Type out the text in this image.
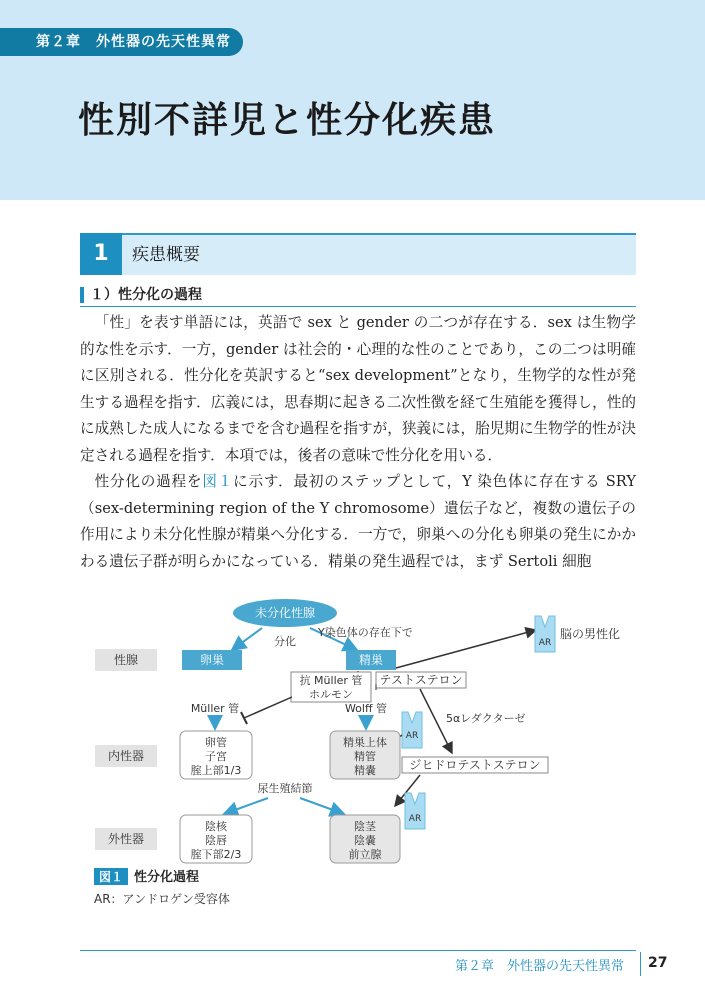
第２章　外性器の先天性異常
性別不詳児と性分化疾患
1	疾患概要
１）性分化の過程

「性」を表す単語には，英語で sex と gender の二つが存在する．sex は生物学的な性を示す．一方，gender は社会的・心理的な性のことであり，この二つは明確に区別される．性分化を英訳すると“sex development”となり，生物学的な性が発生する過程を指す．広義には，思春期に起きる二次性徴を経て生殖能を獲得し，性的に成熟した成人になるまでを含む過程を指すが，狭義には，胎児期に生物学的性が決定される過程を指す．本項では，後者の意味で性分化を用いる．

性分化の過程を図１に示す．最初のステップとして，Y 染色体に存在する SRY（sex-determining region of the Y chromosome）遺伝子など，複数の遺伝子の作用により未分化性腺が精巣へ分化する．一方で，卵巣への分化も卵巣の発生にかかわる遺伝子群が明らかになっている．精巣の発生過程では，まず Sertoli 細胞

未分化性腺
分化
Y染色体の存在下で
性腺
内性器
外性器
卵巣	精巣
抗 Müller 管
ホルモン
テストステロン
AR
脳の男性化
Müller 管	Wolff 管
AR
5αレダクターゼ
卵管
子宮
腟上部1/3
精巣上体
精管
精嚢	ジヒドロテストステロン
AR
尿生殖結節
陰核
陰唇
腟下部2/3
陰茎
陰嚢
前立腺
図１ 性分化過程
AR：アンドロゲン受容体
第２章　外性器の先天性異常 27
